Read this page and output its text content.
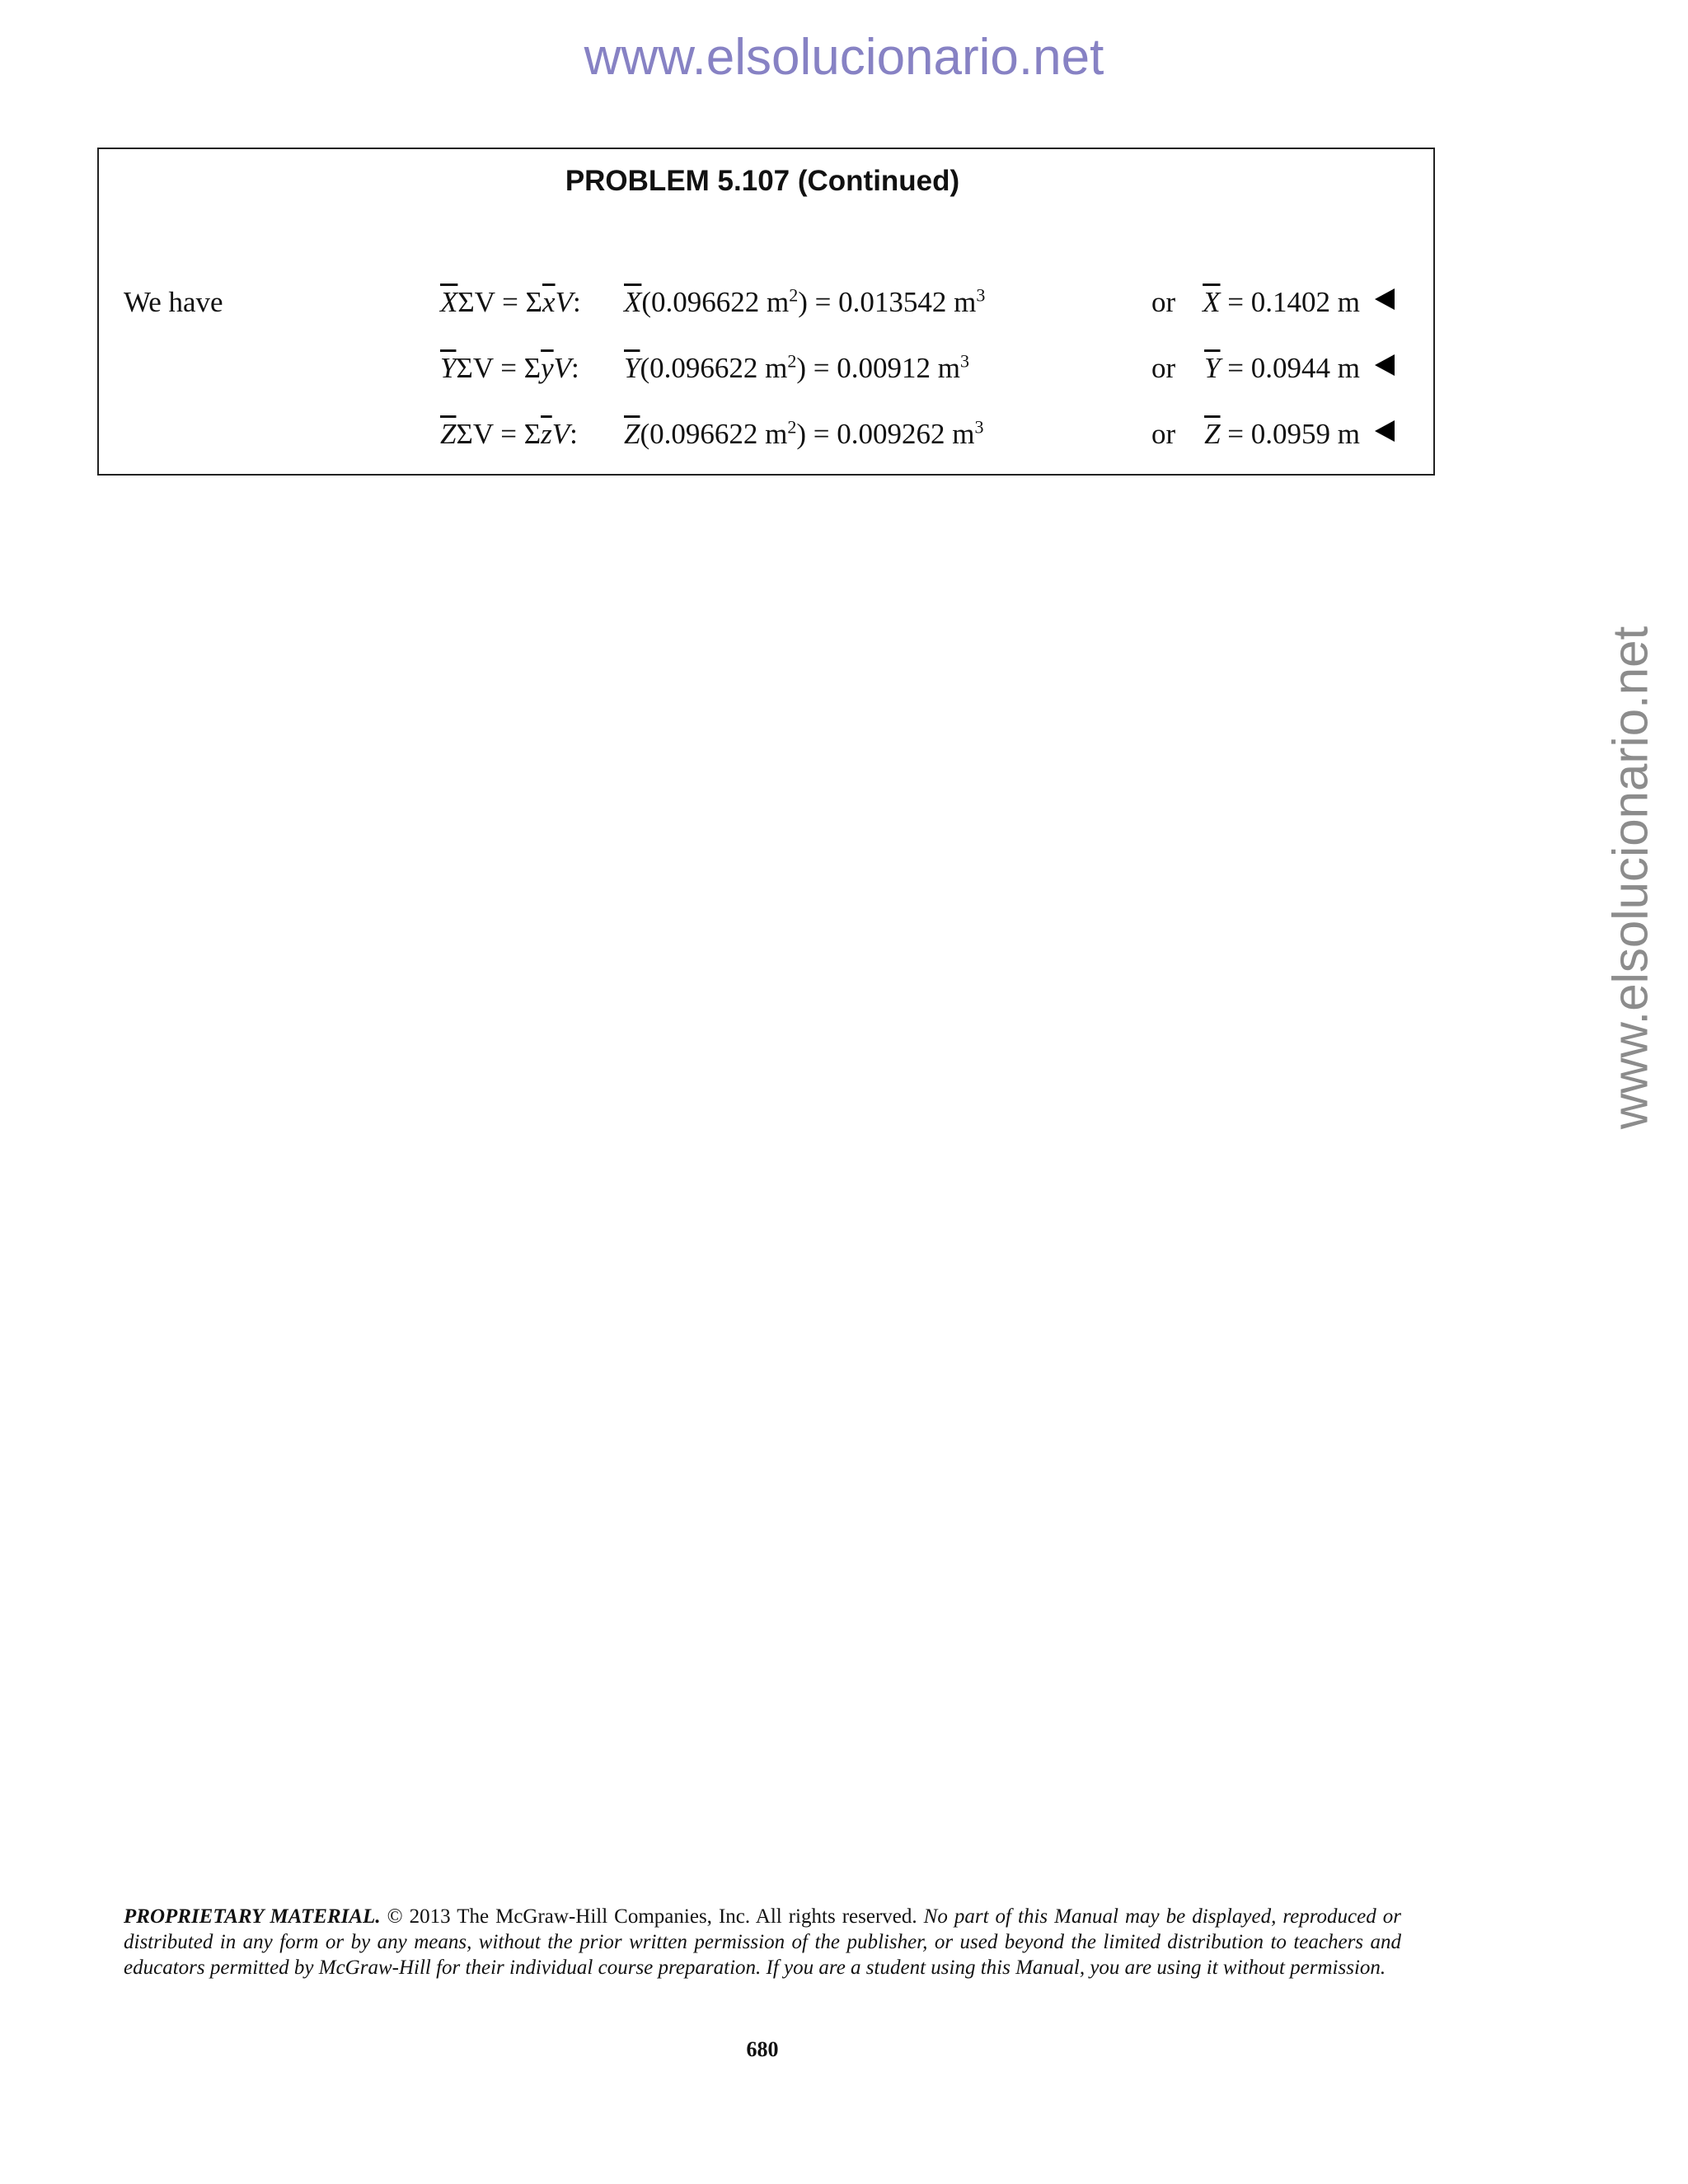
www.elsolucionario.net
www.elsolucionario.net
PROBLEM 5.107 (Continued)
We have	$\overline{X}\Sigma V = \Sigma\overline{x}V$: $\overline{X}(0.096622$ $m^2) = 0.013542$ $m^3$	or $\overline{X} = 0.1402$ m
$\overline{Y}\Sigma V = \Sigma\overline{y}V$: $\overline{Y}(0.096622$ $m^2) = 0.00912$ $m^3$	or $\overline{Y} = 0.0944$ m
$\overline{Z}\Sigma V = \Sigma\overline{z}V$: $\overline{Z}(0.096622$ $m^2) = 0.009262$ $m^3$	or $\overline{Z} = 0.0959$ m
PROPRIETARY MATERIAL. © 2013 The McGraw-Hill Companies, Inc. All rights reserved. No part of this Manual may be displayed, reproduced or distributed in any form or by any means, without the prior written permission of the publisher, or used beyond the limited distribution to teachers and educators permitted by McGraw-Hill for their individual course preparation. If you are a student using this Manual, you are using it without permission.
680
